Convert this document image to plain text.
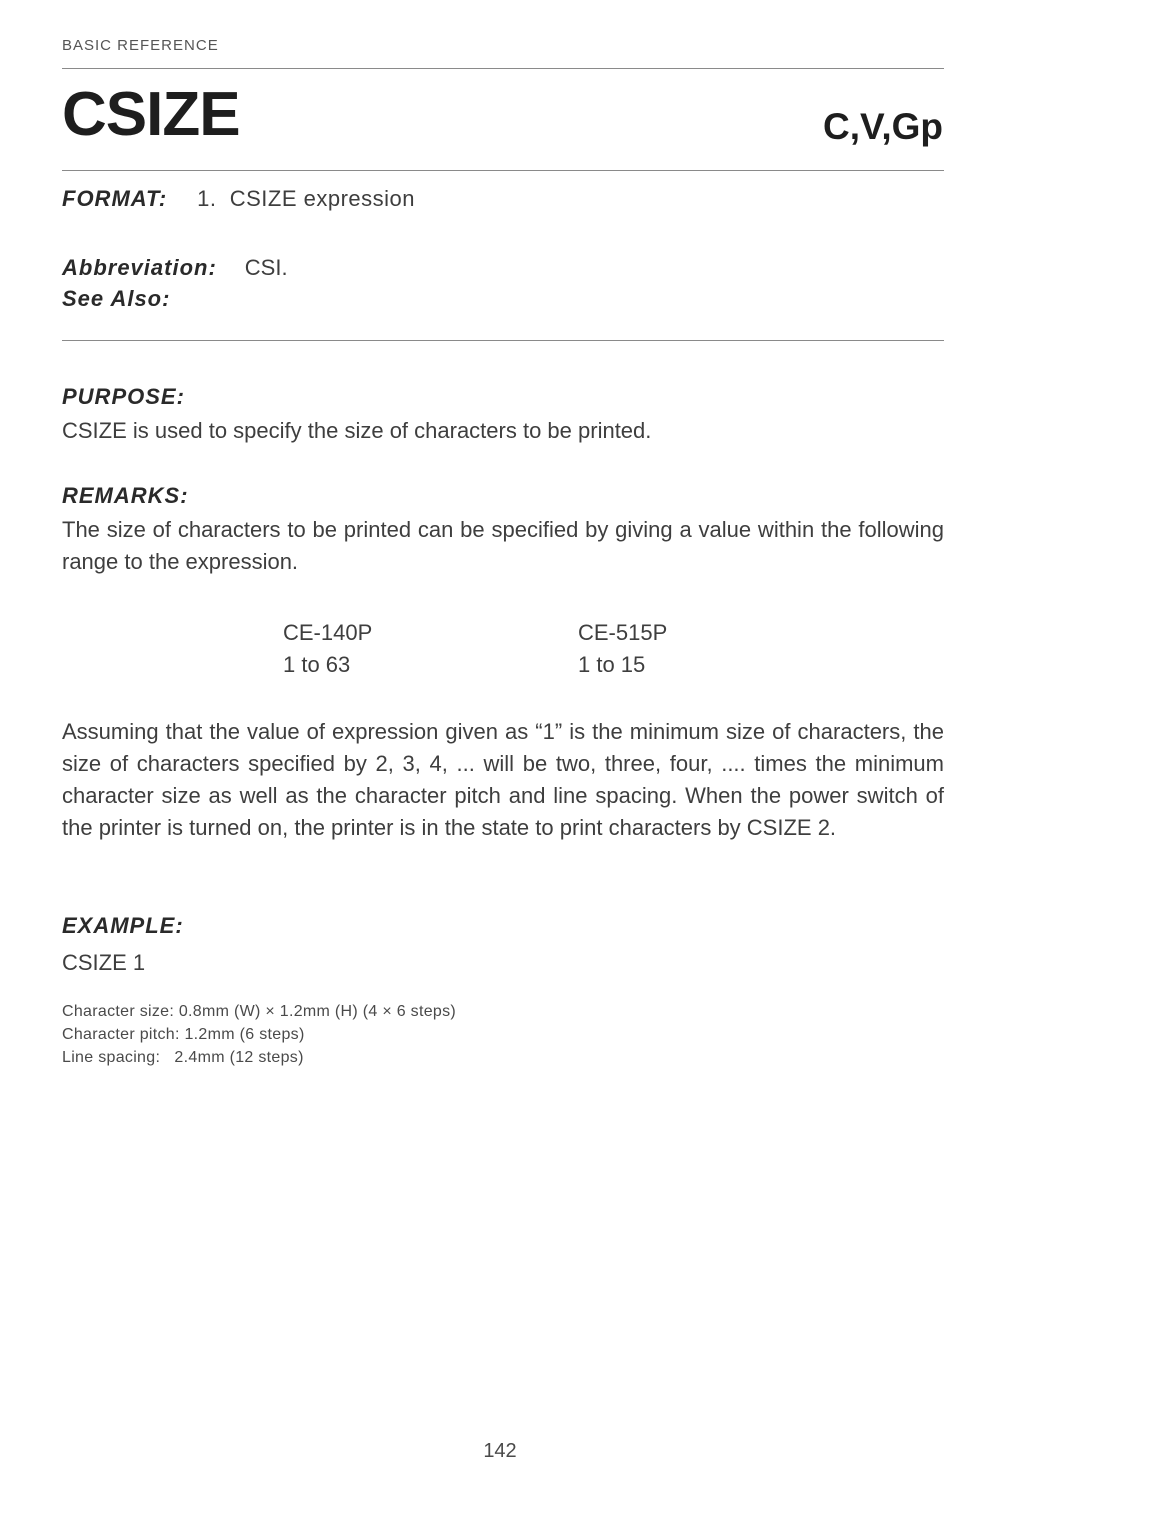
BASIC REFERENCE
CSIZE	C,V,Gp
FORMAT: 1.  CSIZE expression
Abbreviation: CSI.
See Also:
PURPOSE:
CSIZE is used to specify the size of characters to be printed.
REMARKS:
The size of characters to be printed can be specified by giving a value within the following range to the expression.
CE-140P	CE-515P
1 to 63	1 to 15
Assuming that the value of expression given as “1” is the minimum size of characters, the size of characters specified by 2, 3, 4, ... will be two, three, four, .... times the minimum character size as well as the character pitch and line spacing. When the power switch of the printer is turned on, the printer is in the state to print characters by CSIZE 2.
EXAMPLE:
CSIZE 1
Character size: 0.8mm (W) × 1.2mm (H) (4 × 6 steps)
Character pitch: 1.2mm (6 steps)
Line spacing:   2.4mm (12 steps)
142
